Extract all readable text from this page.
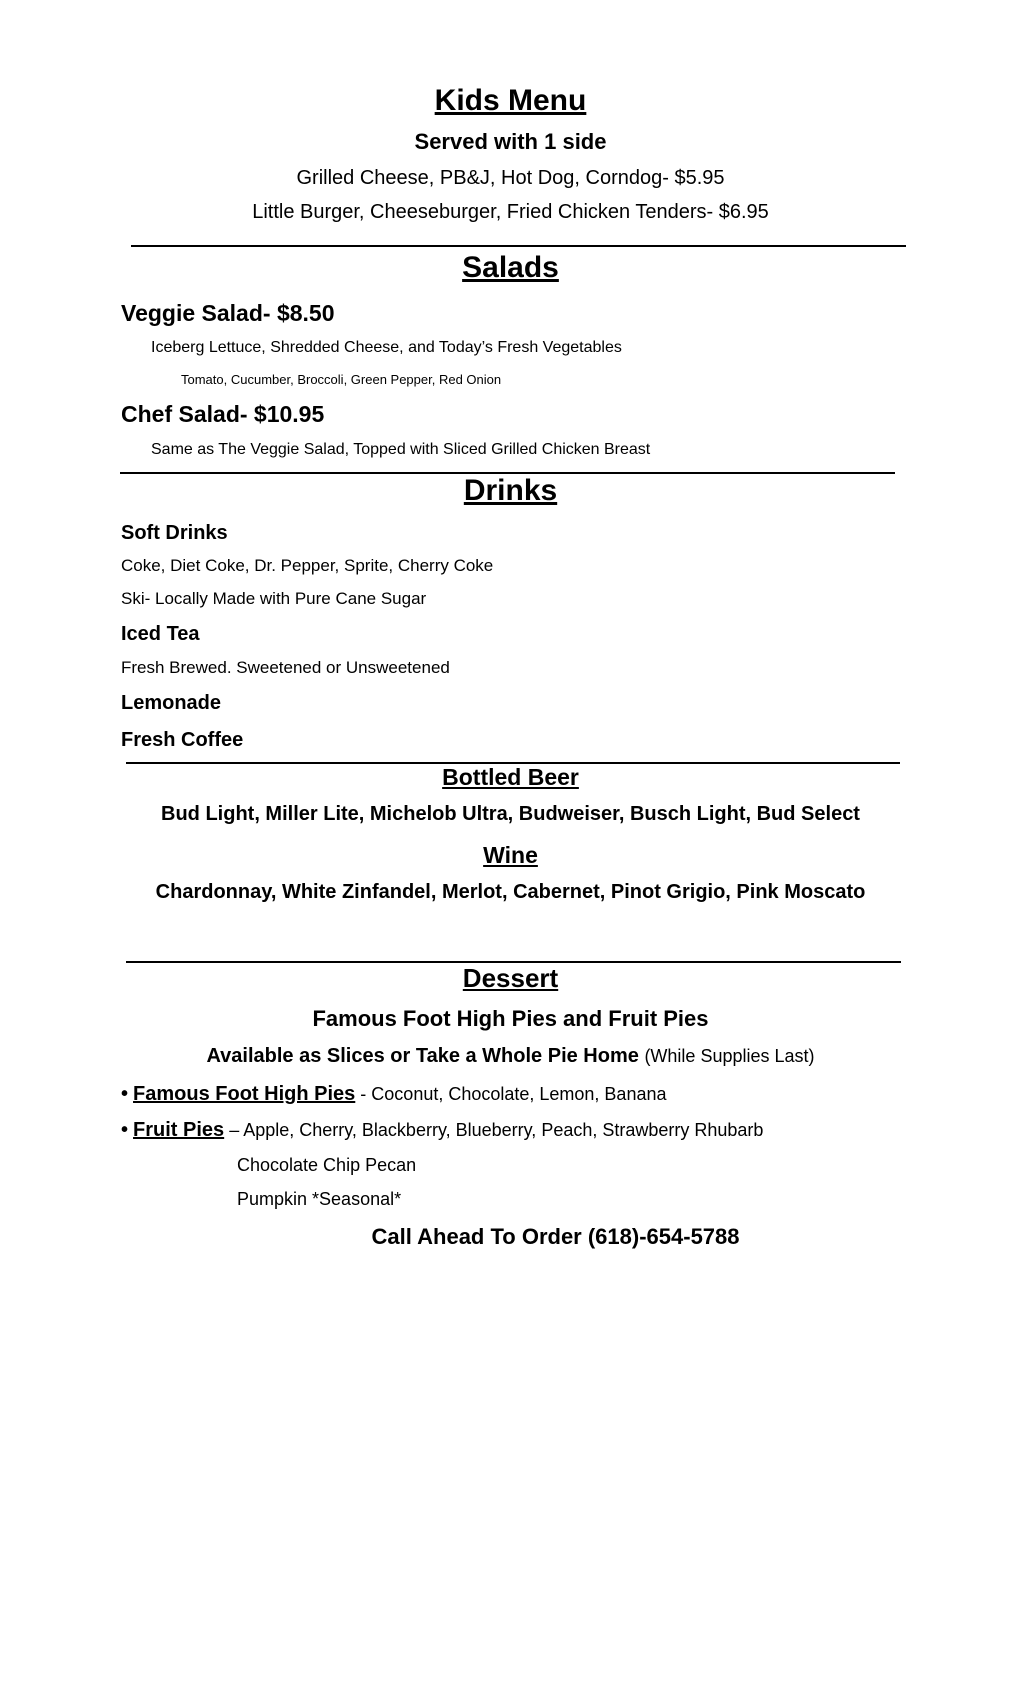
Kids Menu
Served with 1 side
Grilled Cheese, PB&J, Hot Dog, Corndog- $5.95
Little Burger, Cheeseburger, Fried Chicken Tenders- $6.95
Salads
Veggie Salad- $8.50
Iceberg Lettuce, Shredded Cheese, and Today’s Fresh Vegetables
Tomato, Cucumber, Broccoli, Green Pepper, Red Onion
Chef Salad- $10.95
Same as The Veggie Salad, Topped with Sliced Grilled Chicken Breast
Drinks
Soft Drinks
Coke, Diet Coke, Dr. Pepper, Sprite, Cherry Coke
Ski- Locally Made with Pure Cane Sugar
Iced Tea
Fresh Brewed. Sweetened or Unsweetened
Lemonade
Fresh Coffee
Bottled Beer
Bud Light, Miller Lite, Michelob Ultra, Budweiser, Busch Light, Bud Select
Wine
Chardonnay, White Zinfandel, Merlot, Cabernet, Pinot Grigio, Pink Moscato
Dessert
Famous Foot High Pies and Fruit Pies
Available as Slices or Take a Whole Pie Home (While Supplies Last)
• Famous Foot High Pies - Coconut, Chocolate, Lemon, Banana
• Fruit Pies – Apple, Cherry, Blackberry, Blueberry, Peach, Strawberry Rhubarb
Chocolate Chip Pecan
Pumpkin *Seasonal*
Call Ahead To Order (618)-654-5788
